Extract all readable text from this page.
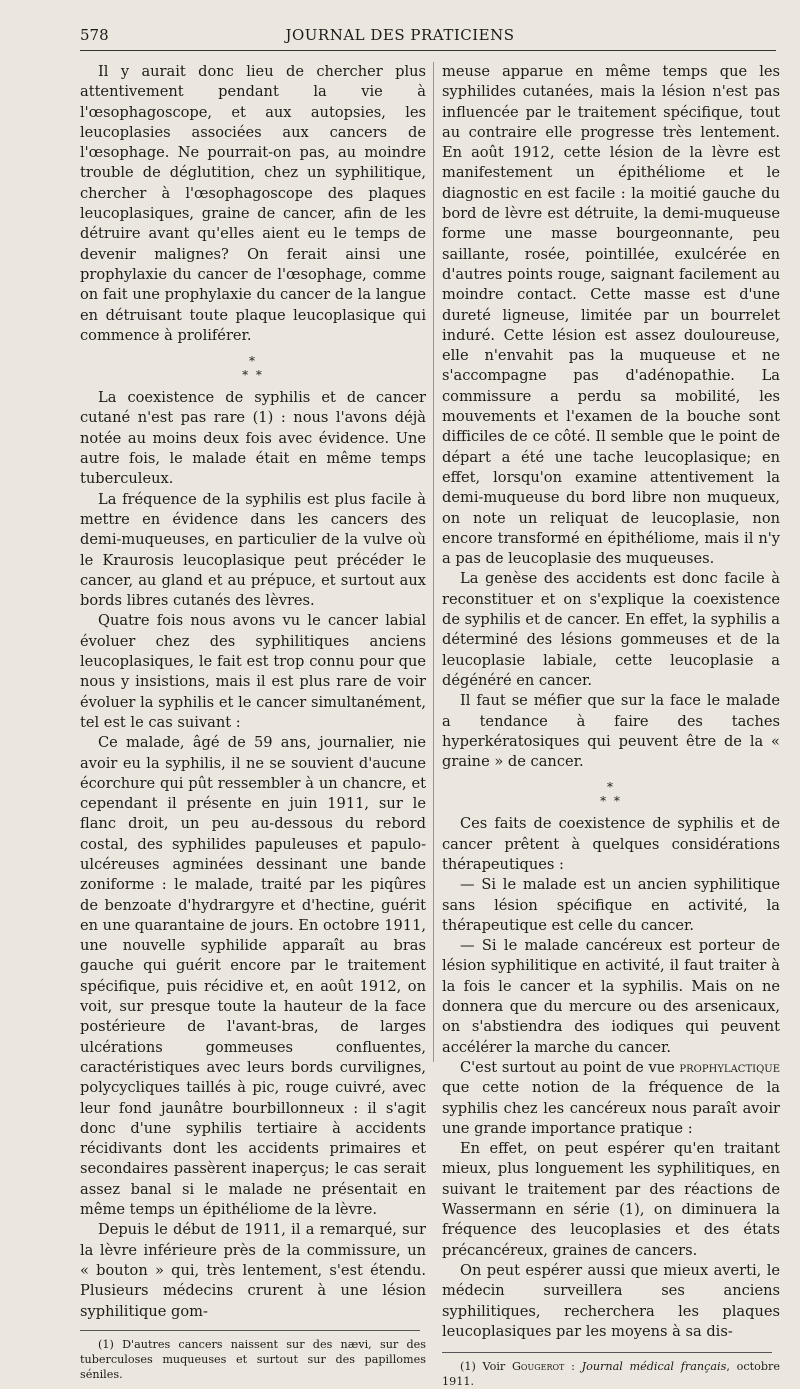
578	JOURNAL DES PRATICIENS

Il y aurait donc lieu de chercher plus attentivement pendant la vie à l'œsophagoscope, et aux autopsies, les leucoplasies associées aux cancers de l'œsophage. Ne pourrait-on pas, au moindre trouble de déglutition, chez un syphilitique, chercher à l'œsophagoscope des plaques leucoplasiques, graine de cancer, afin de les détruire avant qu'elles aient eu le temps de devenir malignes? On ferait ainsi une prophylaxie du cancer de l'œsophage, comme on fait une prophylaxie du cancer de la langue en détruisant toute plaque leucoplasique qui commence à proliférer.

*
* *

La coexistence de syphilis et de cancer cutané n'est pas rare (1) : nous l'avons déjà notée au moins deux fois avec évidence. Une autre fois, le malade était en même temps tuberculeux.

La fréquence de la syphilis est plus facile à mettre en évidence dans les cancers des demi-muqueuses, en particulier de la vulve où le Kraurosis leucoplasique peut précéder le cancer, au gland et au prépuce, et surtout aux bords libres cutanés des lèvres.

Quatre fois nous avons vu le cancer labial évoluer chez des syphilitiques anciens leucoplasiques, le fait est trop connu pour que nous y insistions, mais il est plus rare de voir évoluer la syphilis et le cancer simultanément, tel est le cas suivant :

Ce malade, âgé de 59 ans, journalier, nie avoir eu la syphilis, il ne se souvient d'aucune écorchure qui pût ressembler à un chancre, et cependant il présente en juin 1911, sur le flanc droit, un peu au-dessous du rebord costal, des syphilides papuleuses et papulo-ulcéreuses agminées dessinant une bande zoniforme : le malade, traité par les piqûres de benzoate d'hydrargyre et d'hectine, guérit en une quarantaine de jours. En octobre 1911, une nouvelle syphilide apparaît au bras gauche qui guérit encore par le traitement spécifique, puis récidive et, en août 1912, on voit, sur presque toute la hauteur de la face postérieure de l'avant-bras, de larges ulcérations gommeuses confluentes, caractéristiques avec leurs bords curvilignes, polycycliques taillés à pic, rouge cuivré, avec leur fond jaunâtre bourbillonneux : il s'agit donc d'une syphilis tertiaire à accidents récidivants dont les accidents primaires et secondaires passèrent inaperçus; le cas serait assez banal si le malade ne présentait en même temps un épithéliome de la lèvre.

Depuis le début de 1911, il a remarqué, sur la lèvre inférieure près de la commissure, un « bouton » qui, très lentement, s'est étendu. Plusieurs médecins crurent à une lésion syphilitique gom-

(1) D'autres cancers naissent sur des nævi, sur des tuberculoses muqueuses et surtout sur des papillomes séniles.

meuse apparue en même temps que les syphilides cutanées, mais la lésion n'est pas influencée par le traitement spécifique, tout au contraire elle progresse très lentement. En août 1912, cette lésion de la lèvre est manifestement un épithéliome et le diagnostic en est facile : la moitié gauche du bord de lèvre est détruite, la demi-muqueuse forme une masse bourgeonnante, peu saillante, rosée, pointillée, exulcérée en d'autres points rouge, saignant facilement au moindre contact. Cette masse est d'une dureté ligneuse, limitée par un bourrelet induré. Cette lésion est assez douloureuse, elle n'envahit pas la muqueuse et ne s'accompagne pas d'adénopathie. La commissure a perdu sa mobilité, les mouvements et l'examen de la bouche sont difficiles de ce côté. Il semble que le point de départ a été une tache leucoplasique; en effet, lorsqu'on examine attentivement la demi-muqueuse du bord libre non muqueux, on note un reliquat de leucoplasie, non encore transformé en épithéliome, mais il n'y a pas de leucoplasie des muqueuses.

La genèse des accidents est donc facile à reconstituer et on s'explique la coexistence de syphilis et de cancer. En effet, la syphilis a déterminé des lésions gommeuses et de la leucoplasie labiale, cette leucoplasie a dégénéré en cancer.

Il faut se méfier que sur la face le malade a tendance à faire des taches hyperkératosiques qui peuvent être de la « graine » de cancer.

*
* *

Ces faits de coexistence de syphilis et de cancer prêtent à quelques considérations thérapeutiques :

— Si le malade est un ancien syphilitique sans lésion spécifique en activité, la thérapeutique est celle du cancer.

— Si le malade cancéreux est porteur de lésion syphilitique en activité, il faut traiter à la fois le cancer et la syphilis. Mais on ne donnera que du mercure ou des arsenicaux, on s'abstiendra des iodiques qui peuvent accélérer la marche du cancer.

C'est surtout au point de vue prophylactique que cette notion de la fréquence de la syphilis chez les cancéreux nous paraît avoir une grande importance pratique :

En effet, on peut espérer qu'en traitant mieux, plus longuement les syphilitiques, en suivant le traitement par des réactions de Wassermann en série (1), on diminuera la fréquence des leucoplasies et des états précancéreux, graines de cancers.

On peut espérer aussi que mieux averti, le médecin surveillera ses anciens syphilitiques, recherchera les plaques leucoplasiques par les moyens à sa dis-

(1) Voir Gougerot : Journal médical français, octobre 1911.
